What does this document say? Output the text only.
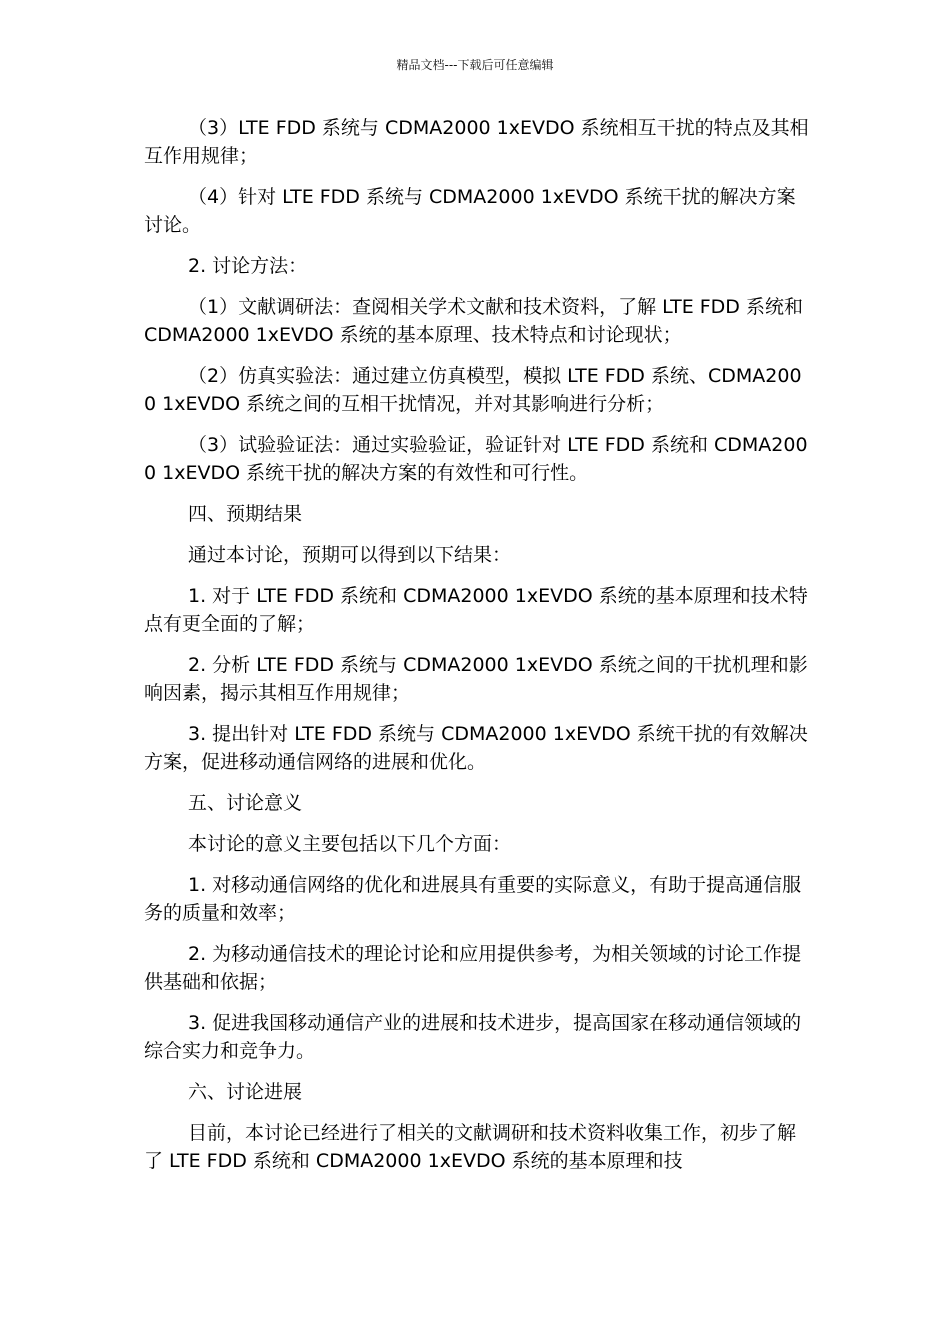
精品文档---下载后可任意编辑

（3）LTE FDD 系统与 CDMA2000 1xEVDO 系统相互干扰的特点及其相互作用规律；

（4）针对 LTE FDD 系统与 CDMA2000 1xEVDO 系统干扰的解决方案讨论。

2. 讨论方法：

（1）文献调研法：查阅相关学术文献和技术资料，了解 LTE FDD 系统和 CDMA2000 1xEVDO 系统的基本原理、技术特点和讨论现状；

（2）仿真实验法：通过建立仿真模型，模拟 LTE FDD 系统、CDMA2000 1xEVDO 系统之间的互相干扰情况，并对其影响进行分析；

（3）试验验证法：通过实验验证，验证针对 LTE FDD 系统和 CDMA2000 1xEVDO 系统干扰的解决方案的有效性和可行性。

四、预期结果

通过本讨论，预期可以得到以下结果：

1. 对于 LTE FDD 系统和 CDMA2000 1xEVDO 系统的基本原理和技术特点有更全面的了解；

2. 分析 LTE FDD 系统与 CDMA2000 1xEVDO 系统之间的干扰机理和影响因素，揭示其相互作用规律；

3. 提出针对 LTE FDD 系统与 CDMA2000 1xEVDO 系统干扰的有效解决方案，促进移动通信网络的进展和优化。

五、讨论意义

本讨论的意义主要包括以下几个方面：

1. 对移动通信网络的优化和进展具有重要的实际意义，有助于提高通信服务的质量和效率；

2. 为移动通信技术的理论讨论和应用提供参考，为相关领域的讨论工作提供基础和依据；

3. 促进我国移动通信产业的进展和技术进步，提高国家在移动通信领域的综合实力和竞争力。

六、讨论进展

目前，本讨论已经进行了相关的文献调研和技术资料收集工作，初步了解了 LTE FDD 系统和 CDMA2000 1xEVDO 系统的基本原理和技
